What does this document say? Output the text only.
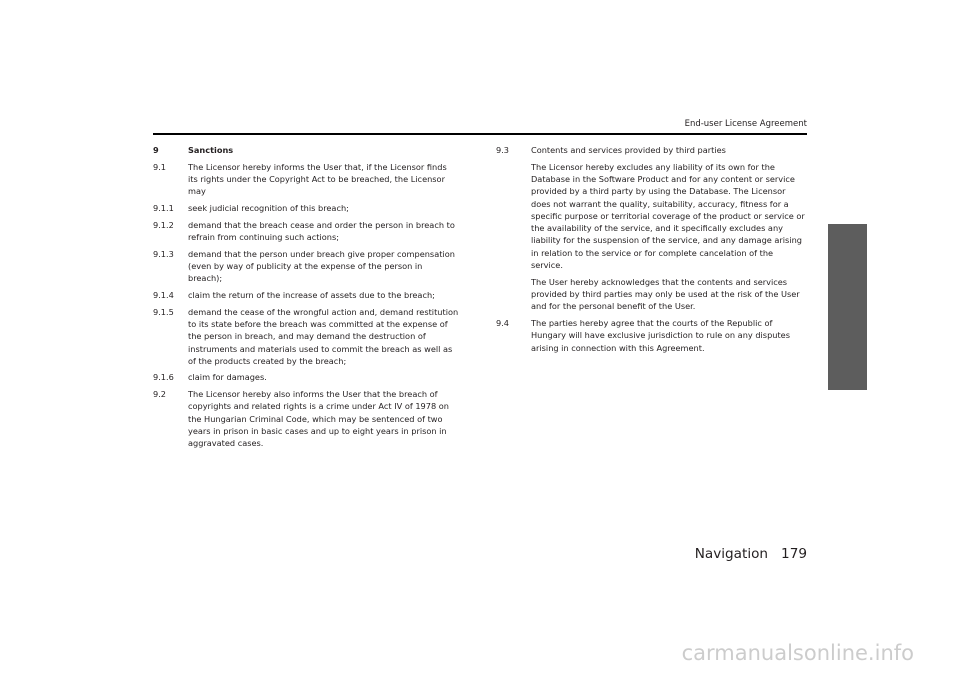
End-user License Agreement
9	Sanctions
9.1	The Licensor hereby informs the User that, if the Licensor finds its rights under the Copyright Act to be breached, the Licensor may
9.1.1	seek judicial recognition of this breach;
9.1.2	demand that the breach cease and order the person in breach to refrain from continuing such actions;
9.1.3	demand that the person under breach give proper compensation (even by way of publicity at the expense of the person in breach);
9.1.4	claim the return of the increase of assets due to the breach;
9.1.5	demand the cease of the wrongful action and, demand restitution to its state before the breach was committed at the expense of the person in breach, and may demand the destruction of instruments and materials used to commit the breach as well as of the products created by the breach;
9.1.6	claim for damages.
9.2	The Licensor hereby also informs the User that the breach of copyrights and related rights is a crime under Act IV of 1978 on the Hungarian Criminal Code, which may be sentenced of two years in prison in basic cases and up to eight years in prison in aggravated cases.
9.3	Contents and services provided by third parties
The Licensor hereby excludes any liability of its own for the Database in the Software Product and for any content or service provided by a third party by using the Database. The Licensor does not warrant the quality, suitability, accuracy, fitness for a specific purpose or territorial coverage of the product or service or the availability of the service, and it specifically excludes any liability for the suspension of the service, and any damage arising in relation to the service or for complete cancelation of the service.
The User hereby acknowledges that the contents and services provided by third parties may only be used at the risk of the User and for the personal benefit of the User.
9.4	The parties hereby agree that the courts of the Republic of Hungary will have exclusive jurisdiction to rule on any disputes arising in connection with this Agreement.
Navigation 179
carmanualsonline.info
